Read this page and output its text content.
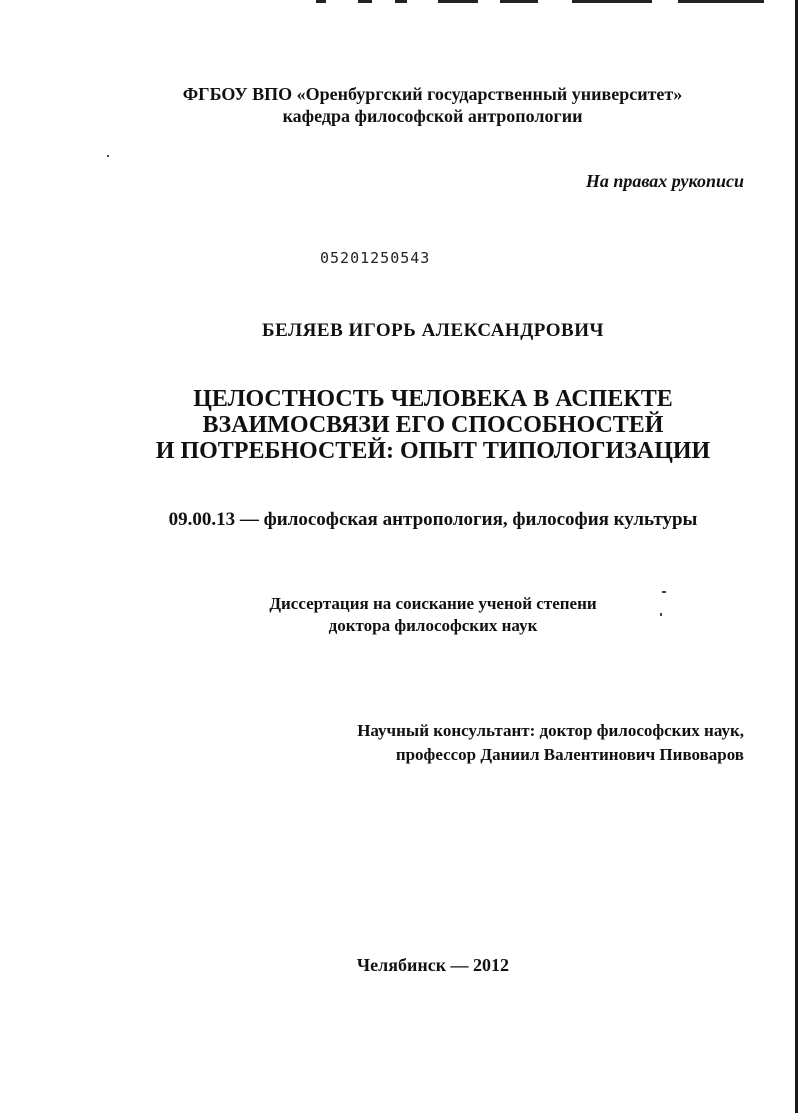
ФГБОУ ВПО «Оренбургский государственный университет»
кафедра философской антропологии
На правах рукописи
05201250543
БЕЛЯЕВ ИГОРЬ АЛЕКСАНДРОВИЧ
ЦЕЛОСТНОСТЬ ЧЕЛОВЕКА В АСПЕКТЕ
ВЗАИМОСВЯЗИ ЕГО СПОСОБНОСТЕЙ
И ПОТРЕБНОСТЕЙ: ОПЫТ ТИПОЛОГИЗАЦИИ
09.00.13 — философская антропология, философия культуры
Диссертация на соискание ученой степени
доктора философских наук
Научный консультант: доктор философских наук,
профессор Даниил Валентинович Пивоваров
Челябинск — 2012
